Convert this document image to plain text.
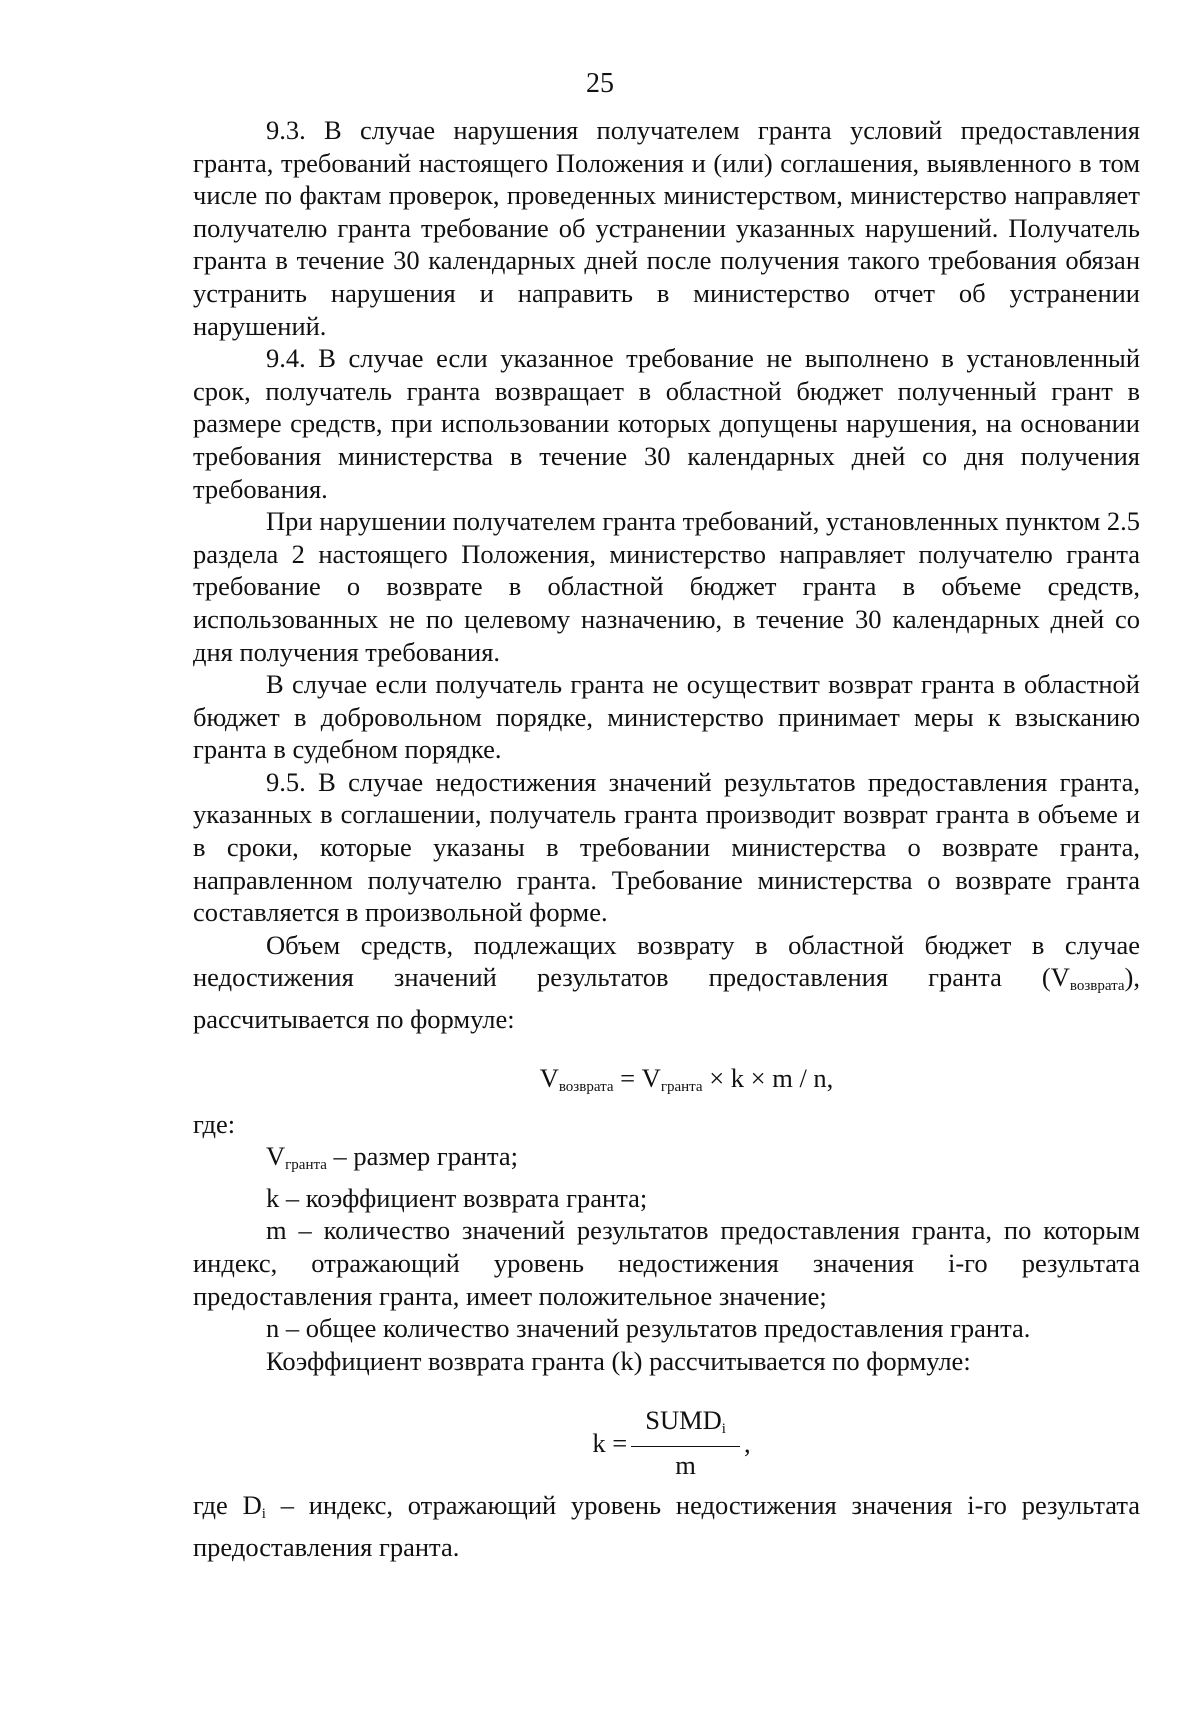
25

9.3. В случае нарушения получателем гранта условий предоставления гранта, требований настоящего Положения и (или) соглашения, выявленного в том числе по фактам проверок, проведенных министерством, министерство направляет получателю гранта требование об устранении указанных нарушений. Получатель гранта в течение 30 календарных дней после получения такого требования обязан устранить нарушения и направить в министерство отчет об устранении нарушений.

9.4. В случае если указанное требование не выполнено в установленный срок, получатель гранта возвращает в областной бюджет полученный грант в размере средств, при использовании которых допущены нарушения, на основании требования министерства в течение 30 календарных дней со дня получения требования.

При нарушении получателем гранта требований, установленных пунктом 2.5 раздела 2 настоящего Положения, министерство направляет получателю гранта требование о возврате в областной бюджет гранта в объеме средств, использованных не по целевому назначению, в течение 30 календарных дней со дня получения требования.

В случае если получатель гранта не осуществит возврат гранта в областной бюджет в добровольном порядке, министерство принимает меры к взысканию гранта в судебном порядке.

9.5. В случае недостижения значений результатов предоставления гранта, указанных в соглашении, получатель гранта производит возврат гранта в объеме и в сроки, которые указаны в требовании министерства о возврате гранта, направленном получателю гранта. Требование министерства о возврате гранта составляется в произвольной форме.

Объем средств, подлежащих возврату в областной бюджет в случае недостижения значений результатов предоставления гранта $(V_{возврата})$, рассчитывается по формуле:

$V_{возврата} = V_{гранта} \times k \times m / n$,

где:

$V_{гранта}$ – размер гранта;

k – коэффициент возврата гранта;

m – количество значений результатов предоставления гранта, по которым индекс, отражающий уровень недостижения значения i-го результата предоставления гранта, имеет положительное значение;

n – общее количество значений результатов предоставления гранта.

Коэффициент возврата гранта (k) рассчитывается по формуле:

$k = \frac{SUMD_i}{m}$ ,

где $D_i$ – индекс, отражающий уровень недостижения значения i-го результата предоставления гранта.
